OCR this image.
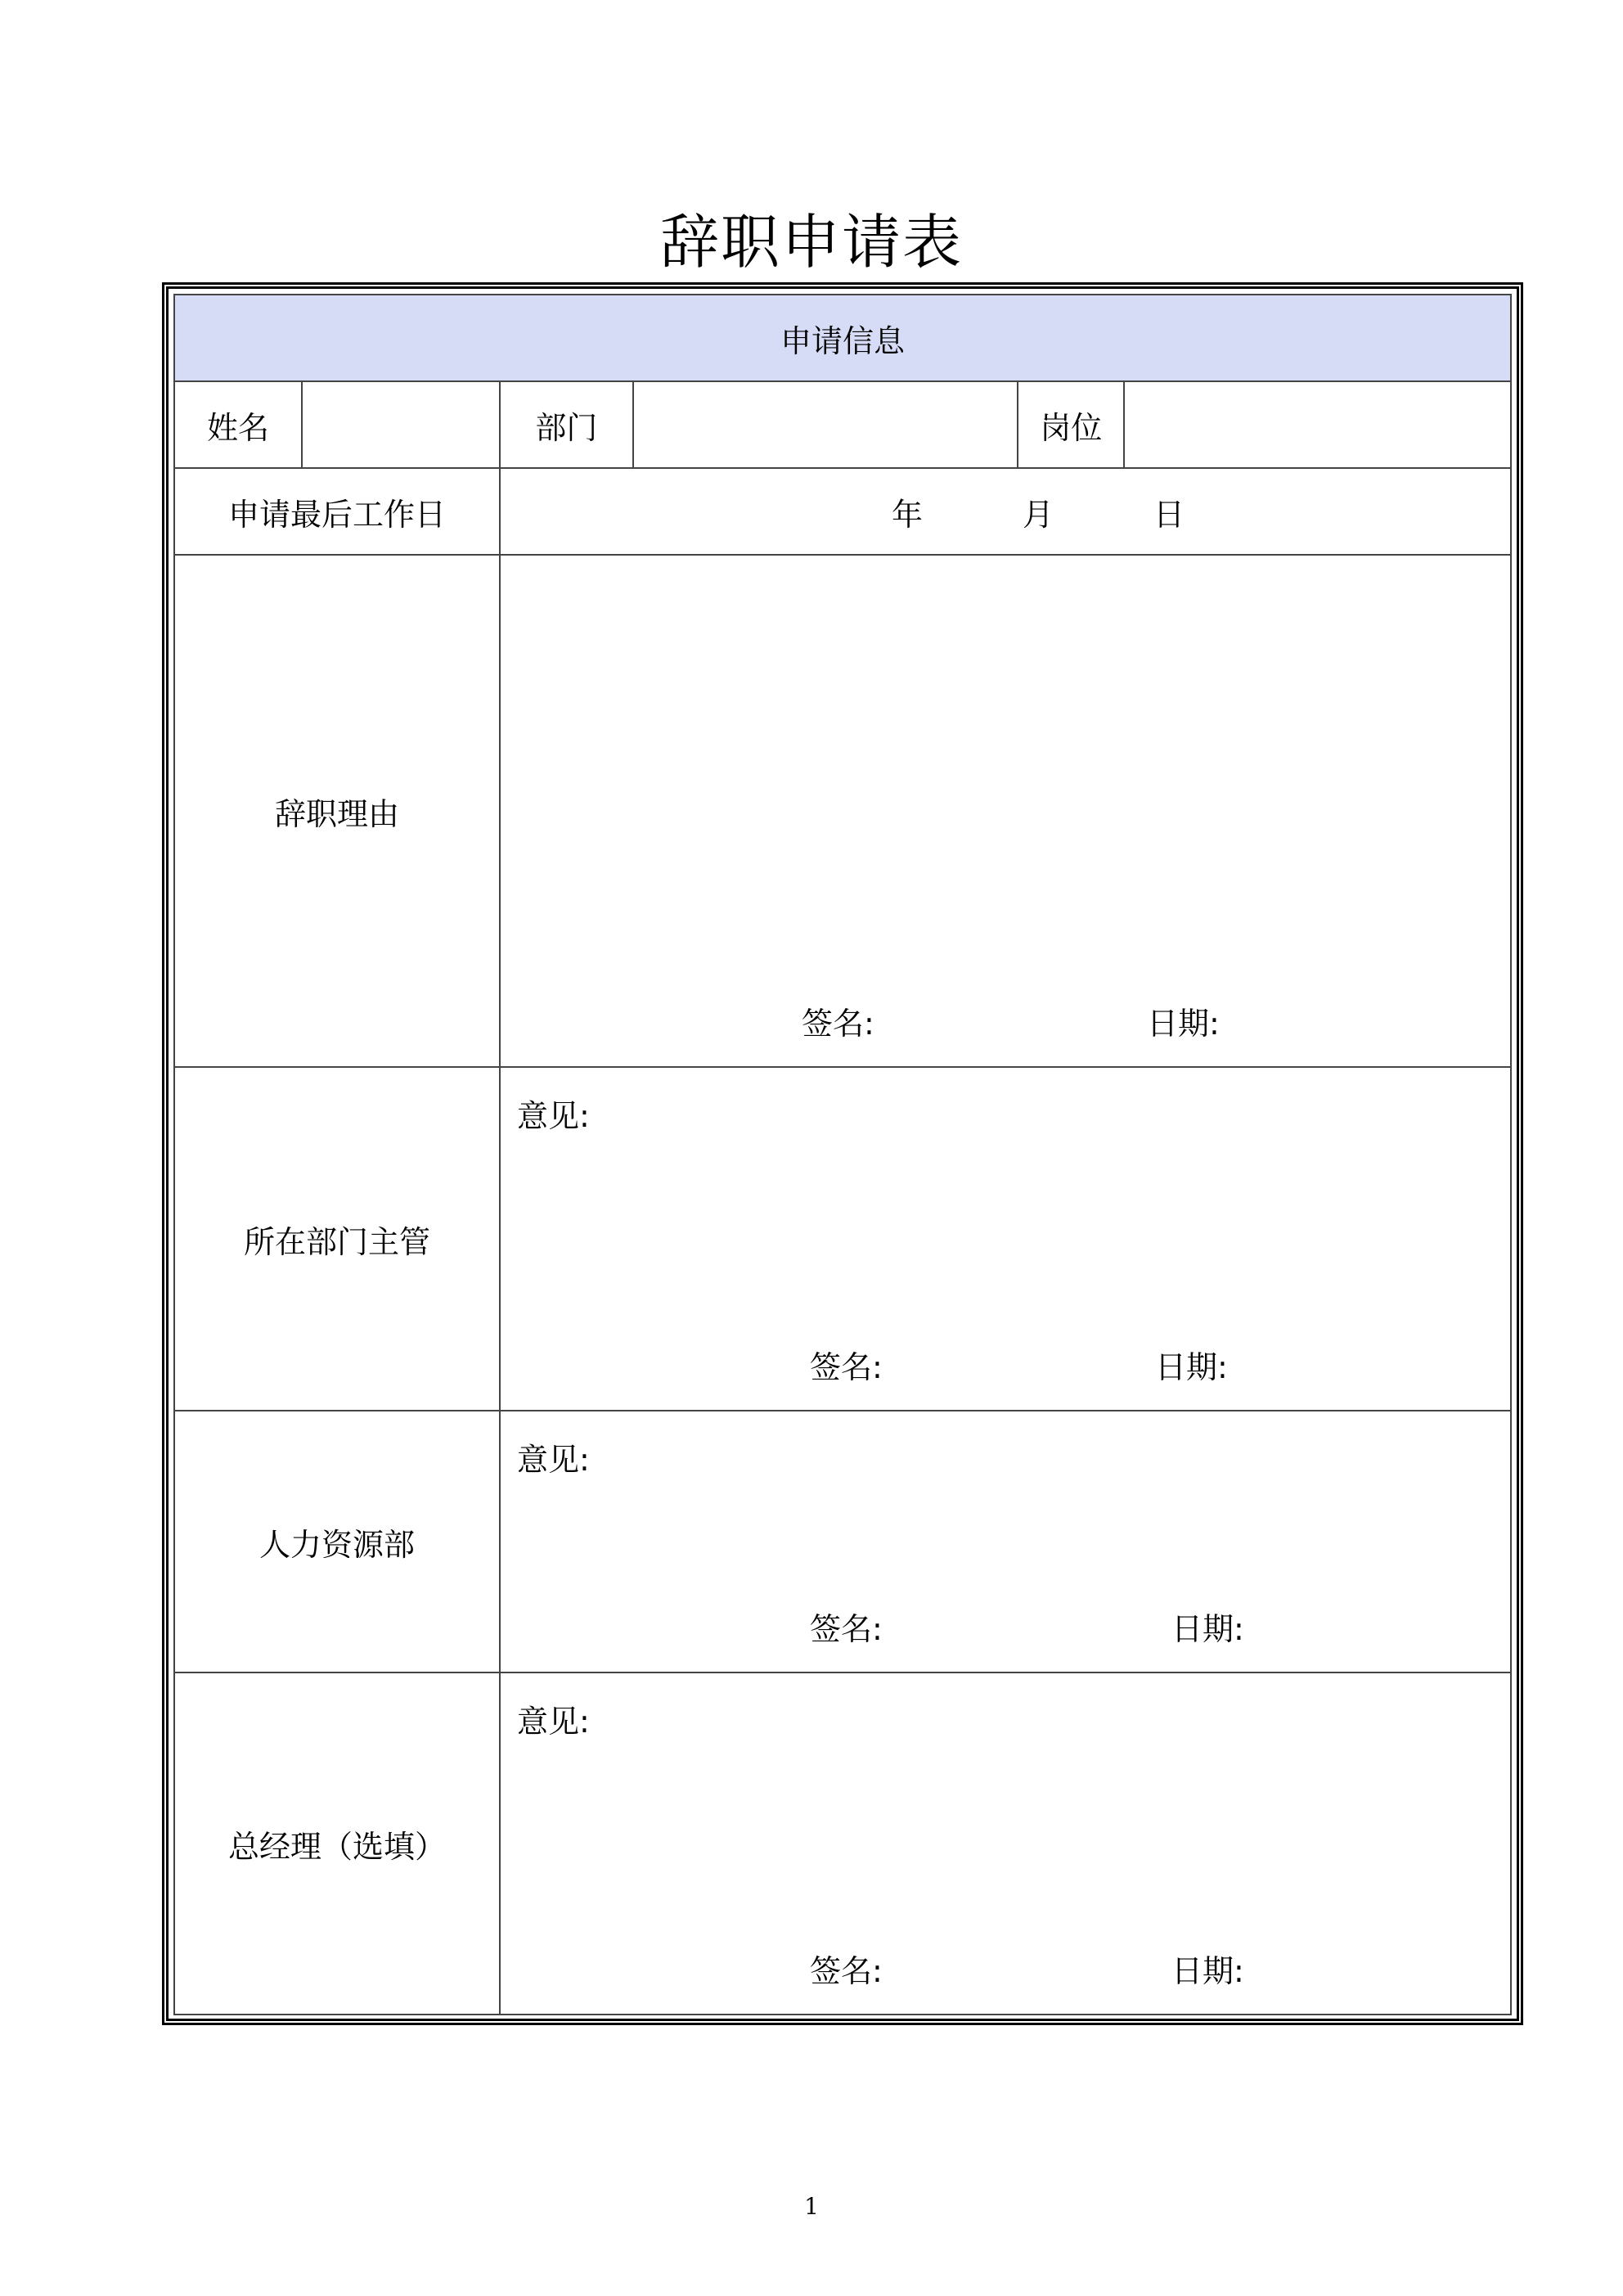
辞职申请表
申请信息					
姓名		部门		岗位	
申请最后工作日		年 月 日			
辞职理由		签名: 日期:			

所在部门主管		意见:
签名: 日期:			

人力资源部		意见:
签名: 日期:			

总经理（选填）		意见:
签名: 日期:			
1
